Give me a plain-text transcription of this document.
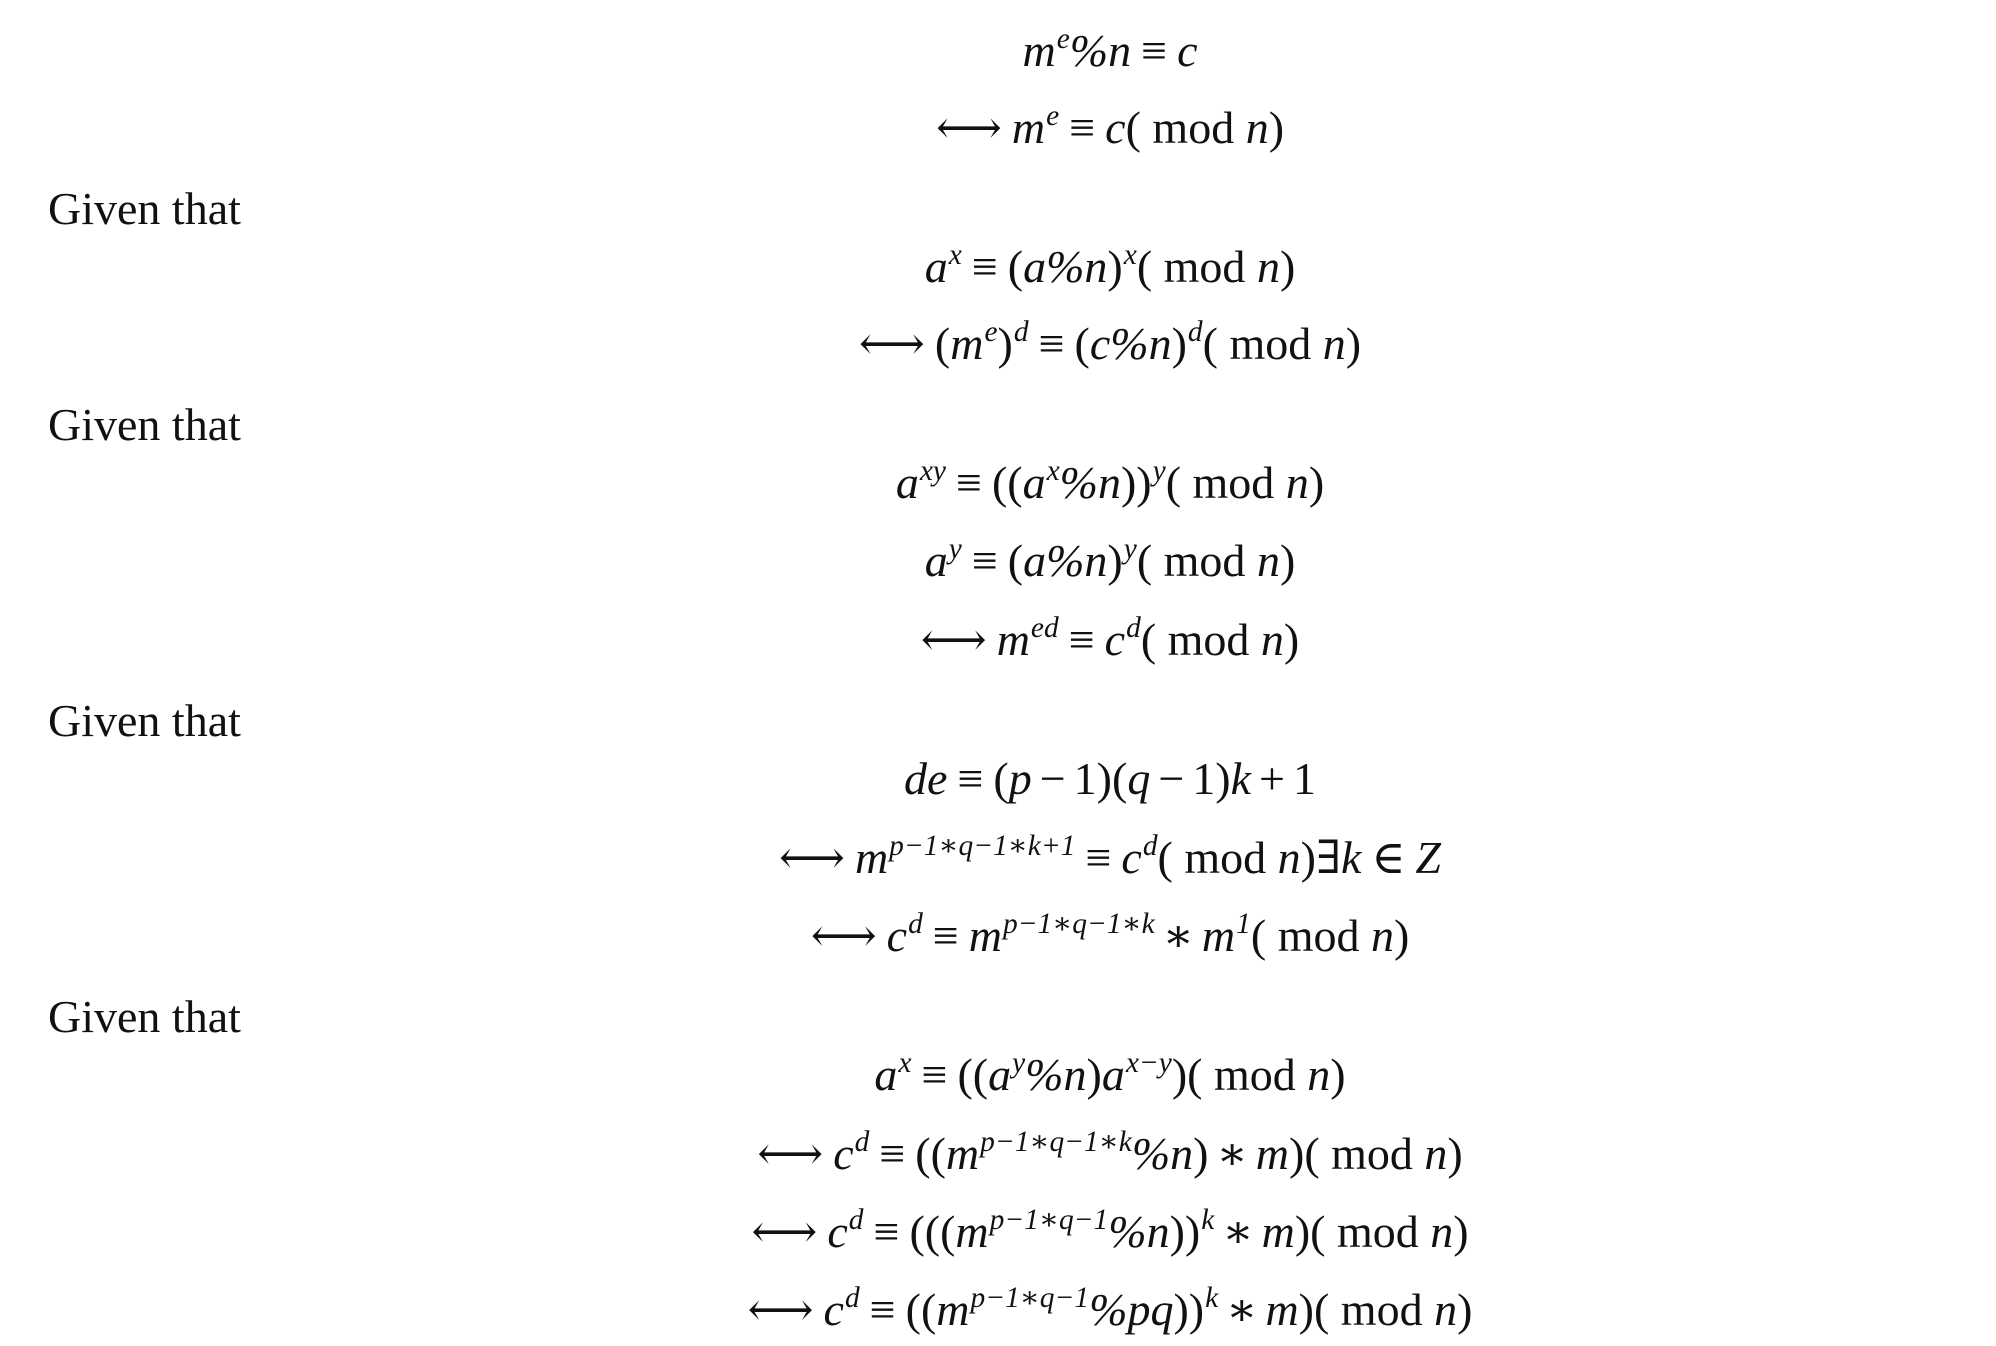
$m^e\%n \equiv c$
⟷ $m^e \equiv c$( mod n)
Given that
$a^x \equiv (a\%n)^x$( mod n)
⟷ $(m^e)^d \equiv (c\%n)^d$( mod n)
Given that
$a^{xy} \equiv ((a^x\%n))^y$( mod n)
$a^y \equiv (a\%n)^y$( mod n)
⟷ $m^{ed} \equiv c^d$( mod n)
Given that
de ≡ (p − 1)(q − 1)k + 1
⟷ $m^{p-1∗q-1∗k+1} \equiv c^d$( mod n)∃k ∈ Z
⟷ $c^d \equiv m^{p-1∗q-1∗k}$ ∗ $m^1$( mod n)
Given that
$a^x \equiv ((a^y\%n)a^{x-y})$( mod n)
⟷ $c^d \equiv ((m^{p-1∗q-1∗k}\%n)$ ∗ m)( mod n)
⟷ $c^d \equiv (((m^{p-1∗q-1}\%n))^k$ ∗ m)( mod n)
⟷ $c^d \equiv ((m^{p-1∗q-1}\%pq))^k$ ∗ m)( mod n)
